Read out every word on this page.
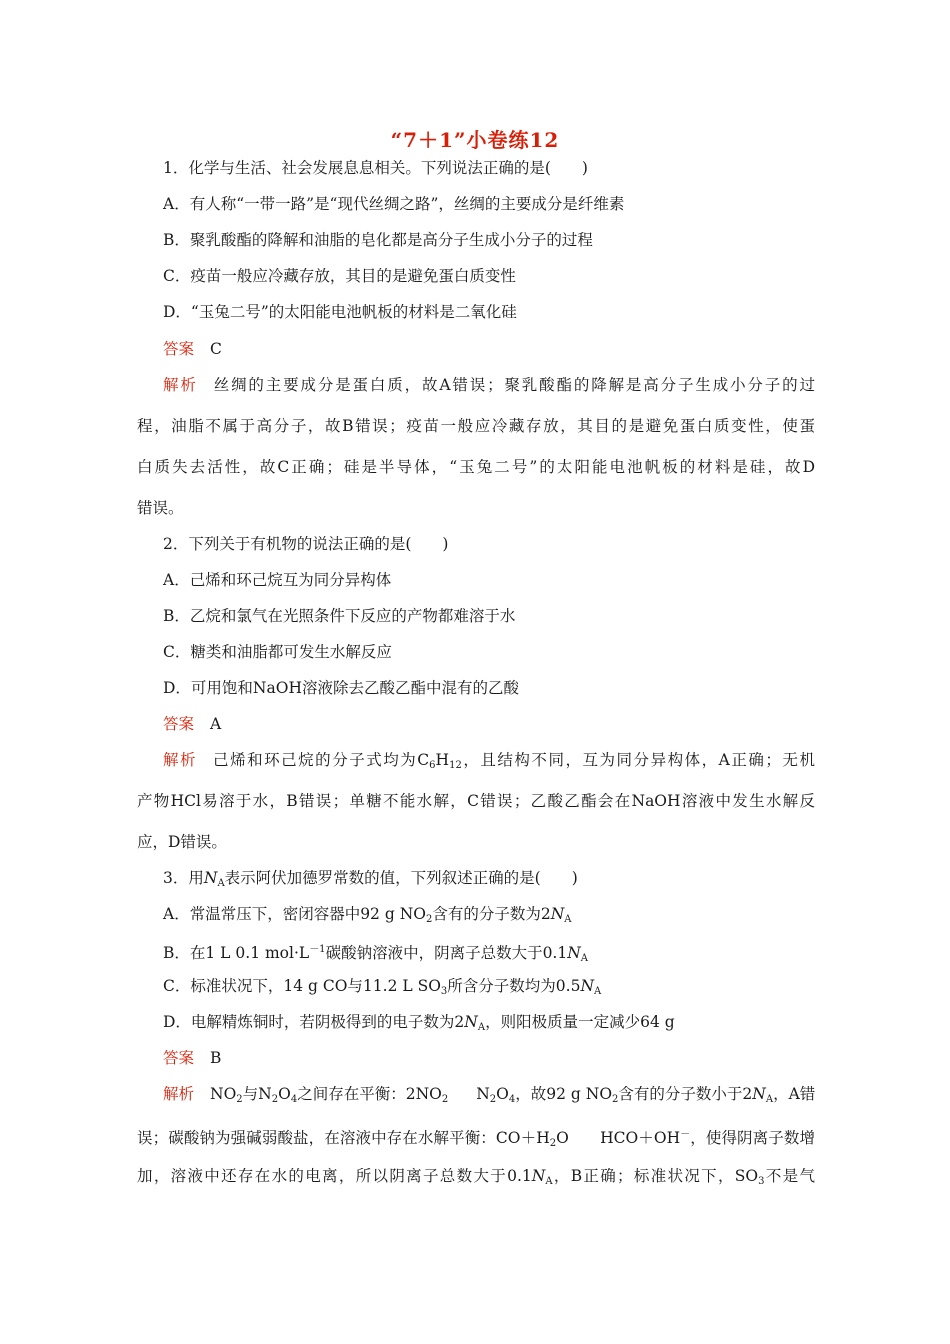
“7＋1”小卷练12
1．化学与生活、社会发展息息相关。下列说法正确的是(　　)
A．有人称“一带一路”是“现代丝绸之路”，丝绸的主要成分是纤维素
B．聚乳酸酯的降解和油脂的皂化都是高分子生成小分子的过程
C．疫苗一般应冷藏存放，其目的是避免蛋白质变性
D．“玉兔二号”的太阳能电池帆板的材料是二氧化硅
答案 C
解析 丝绸的主要成分是蛋白质，故A错误；聚乳酸酯的降解是高分子生成小分子的过
程，油脂不属于高分子，故B错误；疫苗一般应冷藏存放，其目的是避免蛋白质变性，使蛋
白质失去活性，故C正确；硅是半导体，“玉兔二号”的太阳能电池帆板的材料是硅，故D
错误。
2．下列关于有机物的说法正确的是(　　)
A．己烯和环己烷互为同分异构体
B．乙烷和氯气在光照条件下反应的产物都难溶于水
C．糖类和油脂都可发生水解反应
D．可用饱和NaOH溶液除去乙酸乙酯中混有的乙酸
答案 A
解析 己烯和环己烷的分子式均为$C_6H_{12}$，且结构不同，互为同分异构体，A正确；无机
产物HCl易溶于水，B错误；单糖不能水解，C错误；乙酸乙酯会在NaOH溶液中发生水解反
应，D错误。
3．用$N_A$表示阿伏加德罗常数的值，下列叙述正确的是(　　)
A．常温常压下，密闭容器中92 g $NO_2$含有的分子数为$2N_A$
B．在1 L 0.1 $mol\cdot L^{-1}$碳酸钠溶液中，阴离子总数大于$0.1N_A$
C．标准状况下，14 g CO与11.2 L $SO_3$所含分子数均为$0.5N_A$
D．电解精炼铜时，若阴极得到的电子数为$2N_A$，则阳极质量一定减少64 g
答案 B
解析 $NO_2$与$N_2O_4$之间存在平衡：$2NO_2$ $N_2O_4$，故92 g $NO_2$含有的分子数小于$2N_A$，A错
误；碳酸钠为强碱弱酸盐，在溶液中存在水解平衡：$CO+H_2O$　　HCO＋OH－，使得阴离子数增
加，溶液中还存在水的电离，所以阴离子总数大于$0.1N_A$，B正确；标准状况下，$SO_3$不是气
